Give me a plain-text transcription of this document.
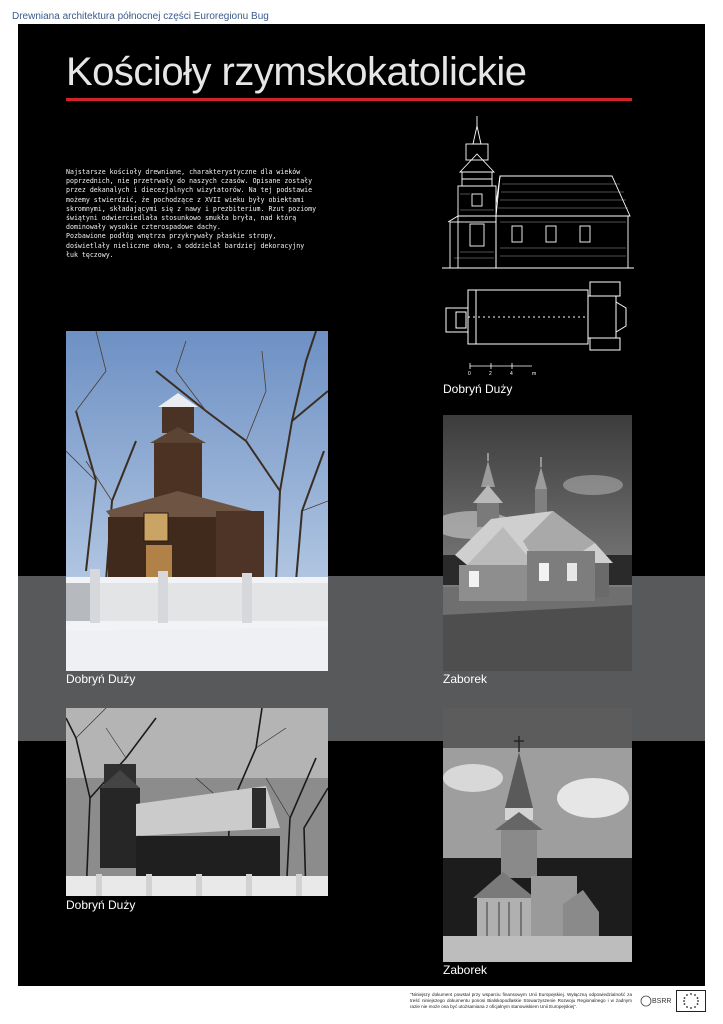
Drewniana architektura północnej części Euroregionu Bug
Kościoły rzymskokatolickie
Najstarsze kościoły drewniane, charakterystyczne dla wieków
poprzednich, nie przetrwały do naszych czasów. Opisane zostały
przez dekanalych i diecezjalnych wizytatorów. Na tej podstawie
możemy stwierdzić, że pochodzące z XVII wieku były obiektami
skromnymi, składającymi się z nawy i prezbiterium. Rzut poziomy
świątyni odwierciedlała stosunkowo smukła bryła, nad którą
dominowały wysokie czterospadowe dachy.
Pozbawione podłóg wnętrza przykrywały płaskie stropy,
doświetlały nieliczne okna, a oddzielał bardziej dekoracyjny
łuk tęczowy.
0	2	4	m
Dobryń Duży
Dobryń Duży	Zaborek
Dobryń Duży
Zaborek
"Niniejszy dokument powstał przy wsparciu finansowym Unii Europejskiej. Wyłączną odpowiedzialność za treść niniejszego dokumentu ponosi Bialskopodlaskie Stowarzyszenie Rozwoju Regionalnego i w żadnym razie nie może ona być utożsamiana z oficjalnym stanowiskiem Unii Europejskiej".
BSRR
